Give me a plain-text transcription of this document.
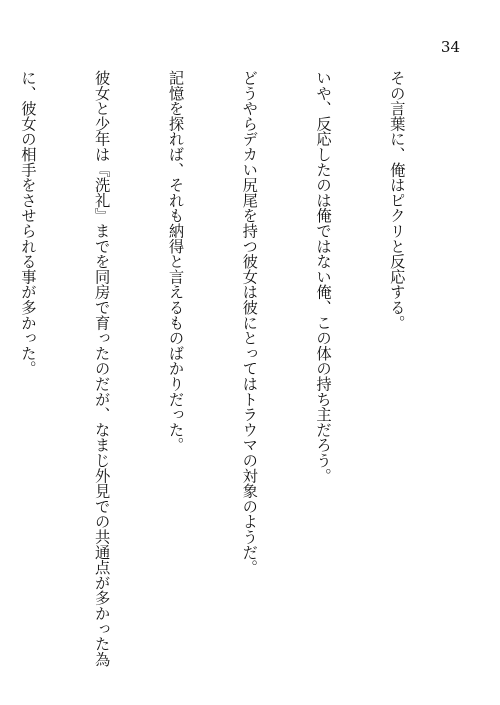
34

その言葉に、俺はピクリと反応する。

いや、反応したのは俺ではない俺、この体の持ち主だろう。

どうやらデカい尻尾を持つ彼女は彼にとってはトラウマの対象のようだ。

記憶を探れば、それも納得と言えるものばかりだった。

彼女と少年は『洗礼』までを同房で育ったのだが、なまじ外見での共通点が多かった為

に、彼女の相手をさせられる事が多かった。
